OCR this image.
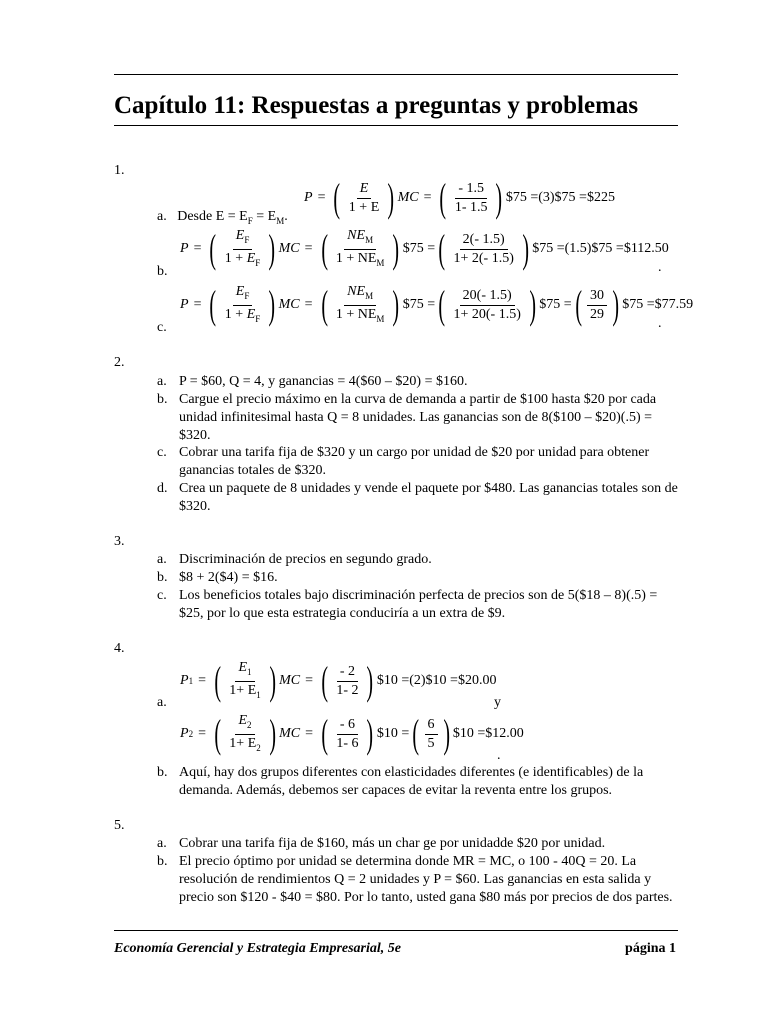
Capítulo 11: Respuestas a preguntas y problemas
1.
P = ( $\frac{E}{1 + E}$ ) MC = ( $\frac{- 1.5}{1- 1.5}$ ) $75 = (3)$75 =$225
a. Desde $E = E_F = E_M$.
P = ( $\frac{E_F}{1 + E_F}$ ) MC = ( $\frac{NE_M}{1 + NE_M}$ ) $75 = ( $\frac{2(- 1.5)}{1+ 2(- 1.5)}$ ) $75 =(1.5)$75 =$112.50
b.	.
P = ( $\frac{E_F}{1 + E_F}$ ) MC = ( $\frac{NE_M}{1 + NE_M}$ ) $75 = ( $\frac{20(- 1.5)}{1+ 20(- 1.5)}$ ) $75 = ( $\frac{30}{29}$ ) $75 =$77.59
c.	.
2.
a. P = $60, Q = 4, y ganancias = 4($60 – $20) = $160.
b. Cargue el precio máximo en la curva de demanda a partir de $100 hasta $20 por cada unidad infinitesimal hasta Q = 8 unidades. Las ganancias son de 8($100 – $20)(.5) = $320.
c. Cobrar una tarifa fija de $320 y un cargo por unidad de $20 por unidad para obtener ganancias totales de $320.
d. Crea un paquete de 8 unidades y vende el paquete por $480. Las ganancias totales son de $320.
3.
a. Discriminación de precios en segundo grado.
b. $8 + 2($4) = $16.
c. Los beneficios totales bajo discriminación perfecta de precios son de 5($18 – 8)(.5) = $25, por lo que esta estrategia conduciría a un extra de $9.
4.
P 1 = ( $\frac{E_1}{1+ E_1}$ ) MC = ( $\frac{- 2}{1- 2}$ ) $10 = (2)$10 =$20.00
a.	y
P 2 = ( $\frac{E_2}{1+ E_2}$ ) MC = ( $\frac{- 6}{1- 6}$ ) $10 = ( $\frac{6}{5}$ ) $10 =$12.00
.
b. Aquí, hay dos grupos diferentes con elasticidades diferentes (e identificables) de la demanda. Además, debemos ser capaces de evitar la reventa entre los grupos.
5.
a. Cobrar una tarifa fija de $160, más un char ge por unidadde $20 por unidad.
b. El precio óptimo por unidad se determina donde MR = MC, o 100 - 40Q = 20. La resolución de rendimientos Q = 2 unidades y P = $60. Las ganancias en esta salida y precio son $120 - $40 = $80. Por lo tanto, usted gana $80 más por precios de dos partes.
Economía Gerencial y Estrategia Empresarial, 5e	página 1
